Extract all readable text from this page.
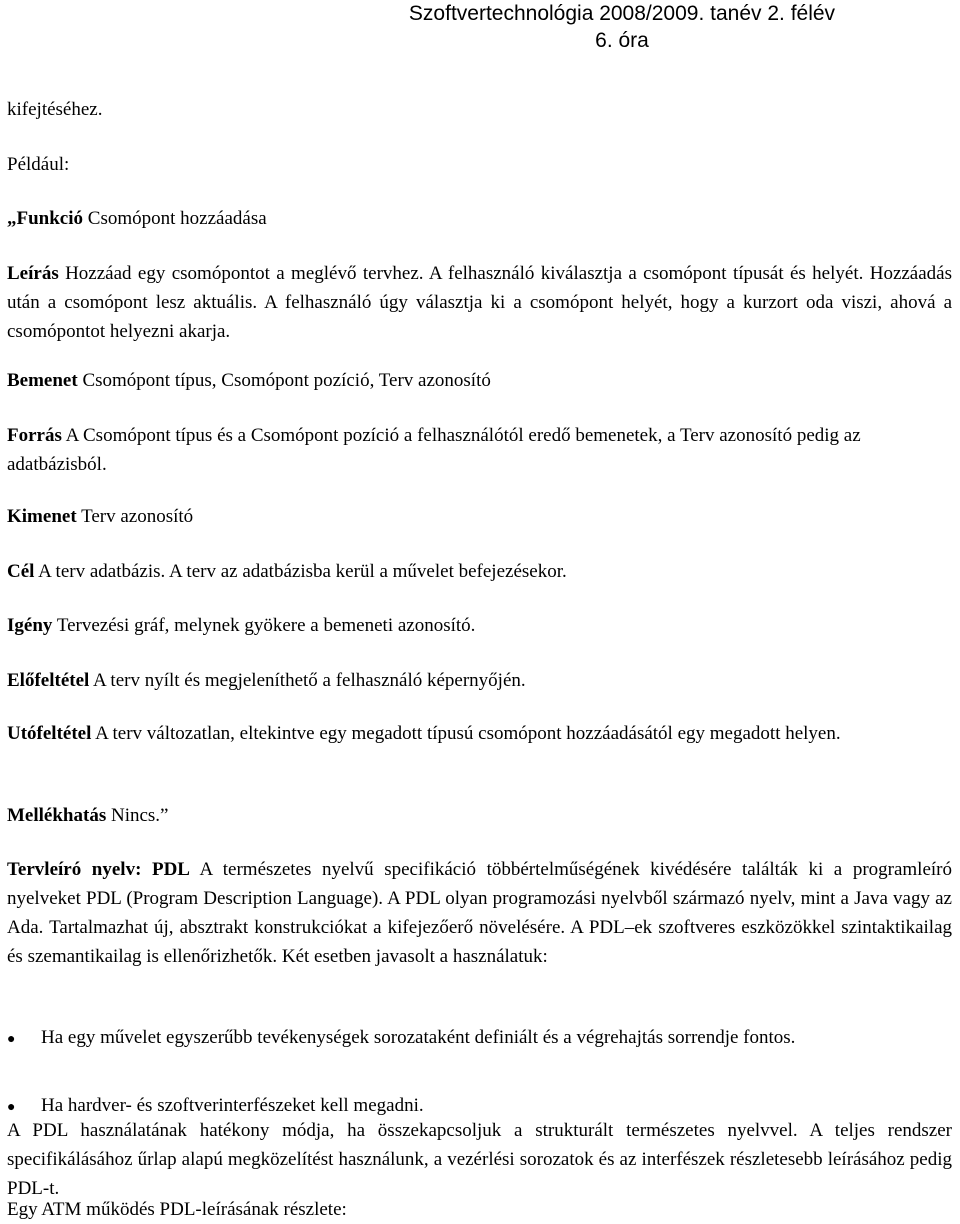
Szoftvertechnológia 2008/2009. tanév 2. félév
6. óra
kifejtéséhez.
Például:
„Funkció Csomópont hozzáadása
Leírás Hozzáad egy csomópontot a meglévő tervhez. A felhasználó kiválasztja a csomópont típusát és helyét. Hozzáadás után a csomópont lesz aktuális. A felhasználó úgy választja ki a csomópont helyét, hogy a kurzort oda viszi, ahová a csomópontot helyezni akarja.
Bemenet Csomópont típus, Csomópont pozíció, Terv azonosító
Forrás A Csomópont típus és a Csomópont pozíció a felhasználótól eredő bemenetek, a Terv azonosító pedig az adatbázisból.
Kimenet Terv azonosító
Cél A terv adatbázis. A terv az adatbázisba kerül a művelet befejezésekor.
Igény Tervezési gráf, melynek gyökere a bemeneti azonosító.
Előfeltétel A terv nyílt és megjeleníthető a felhasználó képernyőjén.
Utófeltétel A terv változatlan, eltekintve egy megadott típusú csomópont hozzáadásától egy megadott helyen.
Mellékhatás Nincs.”
Tervleíró nyelv: PDL A természetes nyelvű specifikáció többértelműségének kivédésére találták ki a programleíró nyelveket PDL (Program Description Language). A PDL olyan programozási nyelvből származó nyelv, mint a Java vagy az Ada. Tartalmazhat új, absztrakt konstrukciókat a kifejezőerő növelésére. A PDL–ek szoftveres eszközökkel szintaktikailag és szemantikailag is ellenőrizhetők. Két esetben javasolt a használatuk:
● Ha egy művelet egyszerűbb tevékenységek sorozataként definiált és a végrehajtás sorrendje fontos.
● Ha hardver- és szoftverinterfészeket kell megadni.
A PDL használatának hatékony módja, ha összekapcsoljuk a strukturált természetes nyelvvel. A teljes rendszer specifikálásához űrlap alapú megközelítést használunk, a vezérlési sorozatok és az interfészek részletesebb leírásához pedig PDL-t.
Egy ATM működés PDL-leírásának részlete:
